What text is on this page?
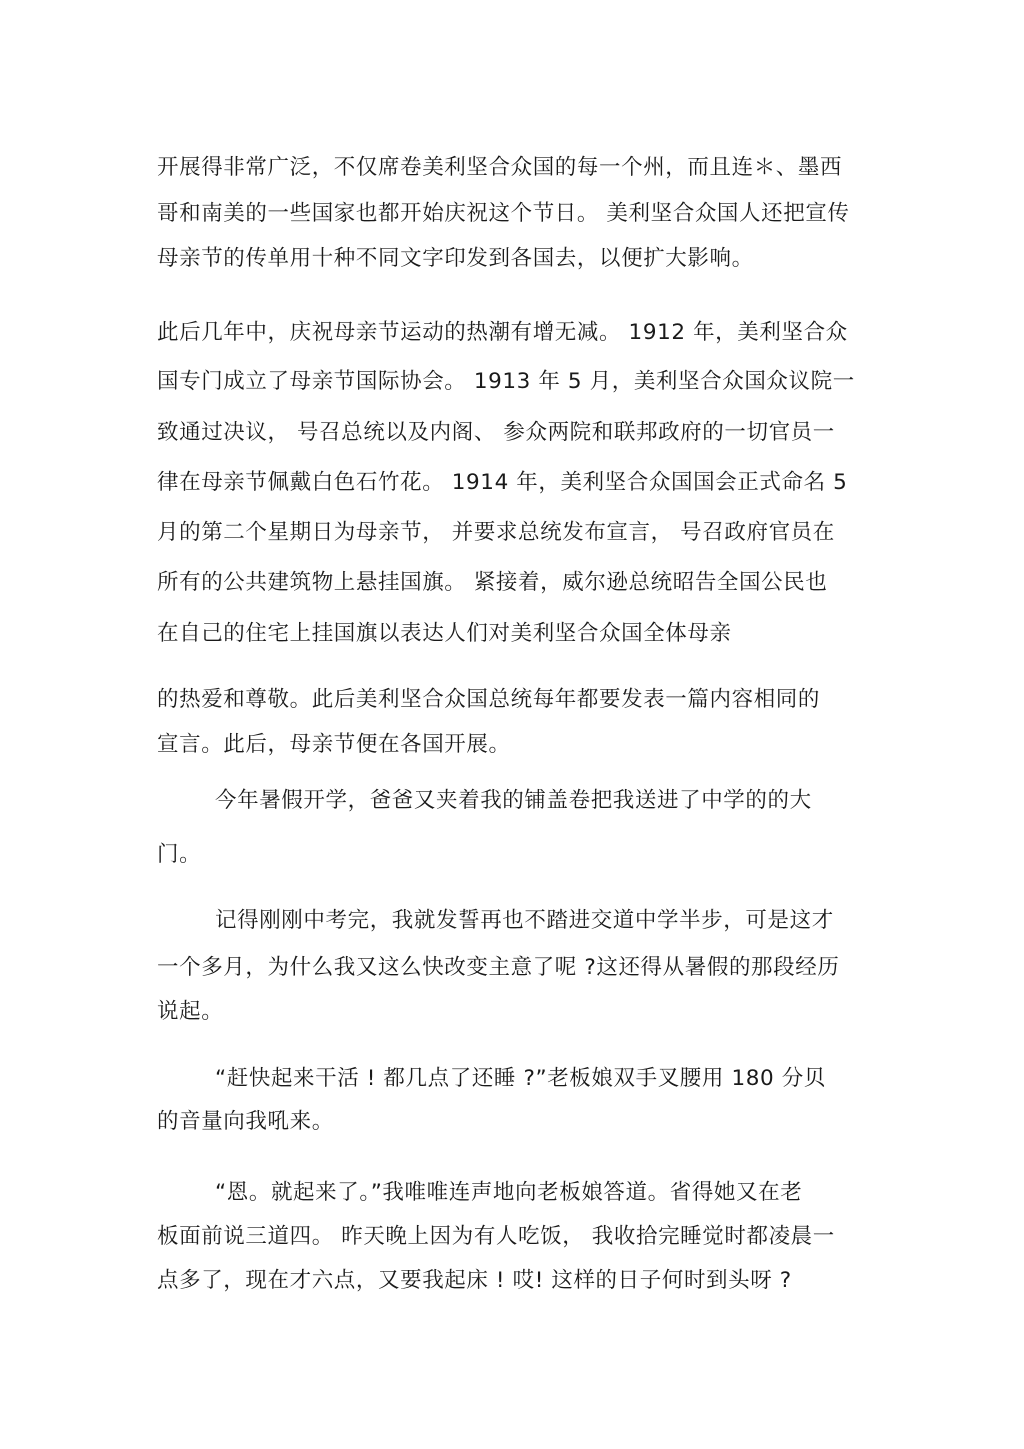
开展得非常广泛，不仅席卷美利坚合众国的每一个州，而且连＊、墨西
哥和南美的一些国家也都开始庆祝这个节日。 美利坚合众国人还把宣传
母亲节的传单用十种不同文字印发到各国去，以便扩大影响。
此后几年中，庆祝母亲节运动的热潮有增无减。 1912 年，美利坚合众
国专门成立了母亲节国际协会。 1913 年 5 月，美利坚合众国众议院一
致通过决议， 号召总统以及内阁、 参众两院和联邦政府的一切官员一
律在母亲节佩戴白色石竹花。 1914 年，美利坚合众国国会正式命名 5
月的第二个星期日为母亲节， 并要求总统发布宣言， 号召政府官员在
所有的公共建筑物上悬挂国旗。 紧接着，威尔逊总统昭告全国公民也
在自己的住宅上挂国旗以表达人们对美利坚合众国全体母亲
的热爱和尊敬。此后美利坚合众国总统每年都要发表一篇内容相同的
宣言。此后，母亲节便在各国开展。
今年暑假开学，爸爸又夹着我的铺盖卷把我送进了中学的的大
门。
记得刚刚中考完，我就发誓再也不踏进交道中学半步，可是这才
一个多月，为什么我又这么快改变主意了呢 ?这还得从暑假的那段经历
说起。
“赶快起来干活 ! 都几点了还睡 ?”老板娘双手叉腰用 180 分贝
的音量向我吼来。
“恩。就起来了。”我唯唯连声地向老板娘答道。省得她又在老
板面前说三道四。 昨天晚上因为有人吃饭， 我收拾完睡觉时都凌晨一
点多了，现在才六点，又要我起床 ! 哎! 这样的日子何时到头呀 ?
